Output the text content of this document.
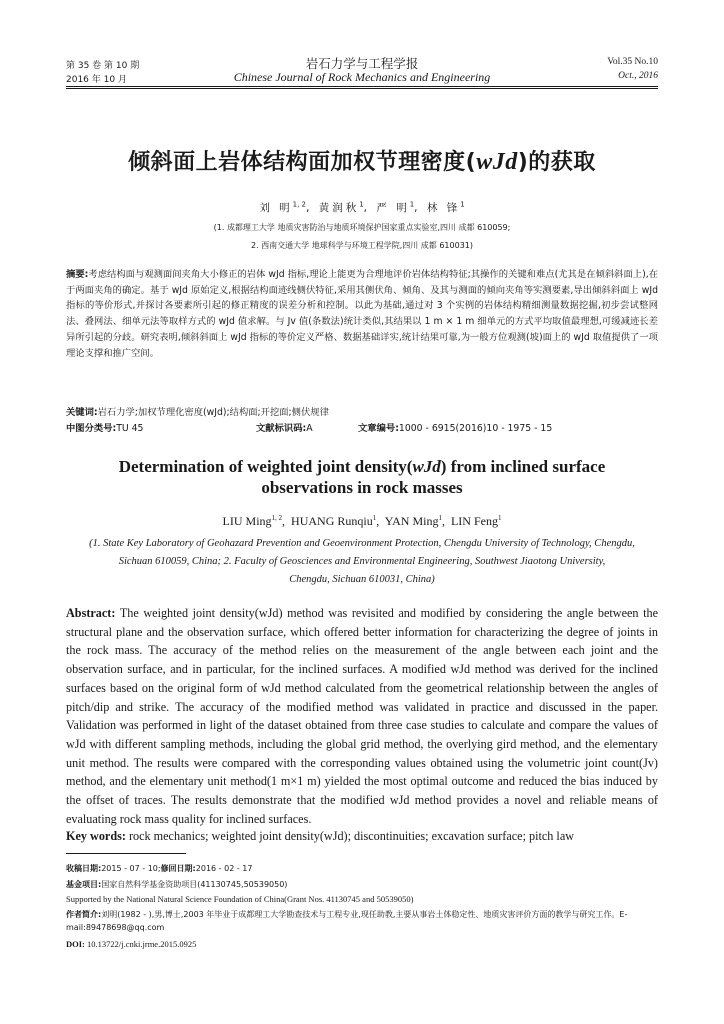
第 35 卷 第 10 期
2016 年 10 月
岩石力学与工程学报
Chinese Journal of Rock Mechanics and Engineering
Vol.35 No.10
Oct., 2016
倾斜面上岩体结构面加权节理密度(wJd)的获取
刘 明$^{1, 2}$, 黄润秋$^1$, 严 明$^1$, 林 锋$^1$
(1. 成都理工大学 地质灾害防治与地质环境保护国家重点实验室,四川 成都 610059;
2. 西南交通大学 地球科学与环境工程学院,四川 成都 610031)
摘要:考虑结构面与观测面间夹角大小修正的岩体 wJd 指标,理论上能更为合理地评价岩体结构特征;其操作的关键和难点(尤其是在倾斜斜面上),在于两面夹角的确定。基于 wJd 原始定义,根据结构面迹线侧伏特征,采用其侧伏角、倾角、及其与测面的倾向夹角等实测要素,导出倾斜斜面上 wJd 指标的等价形式,并探讨各要素所引起的修正精度的误差分析和控制。以此为基础,通过对 3 个实例的岩体结构精细测量数据挖掘,初步尝试整网法、叠网法、细单元法等取样方式的 wJd 值求解。与 Jv 值(条数法)统计类似,其结果以 1 m × 1 m 细单元的方式平均取值最理想,可缓减迹长差异所引起的分歧。研究表明,倾斜斜面上 wJd 指标的等价定义严格、数据基础详实,统计结果可靠,为一般方位观测(坡)面上的 wJd 取值提供了一项理论支撑和推广空间。
关键词:岩石力学;加权节理化密度(wJd);结构面;开挖面;侧伏规律
中图分类号:TU 45	文献标识码:A	文章编号:1000 - 6915(2016)10 - 1975 - 15
Determination of weighted joint density(wJd) from inclined surface
observations in rock masses
LIU Ming$^{1, 2}$,  HUANG Runqiu$^1$,  YAN Ming$^1$,  LIN Feng$^1$
(1. State Key Laboratory of Geohazard Prevention and Geoenvironment Protection, Chengdu University of Technology, Chengdu,
Sichuan 610059, China; 2. Faculty of Geosciences and Environmental Engineering, Southwest Jiaotong University,
Chengdu, Sichuan 610031, China)
Abstract: The weighted joint density(wJd) method was revisited and modified by considering the angle between the structural plane and the observation surface, which offered better information for characterizing the degree of joints in the rock mass. The accuracy of the method relies on the measurement of the angle between each joint and the observation surface, and in particular, for the inclined surfaces. A modified wJd method was derived for the inclined surfaces based on the original form of wJd method calculated from the geometrical relationship between the angles of pitch/dip and strike. The accuracy of the modified method was validated in practice and discussed in the paper. Validation was performed in light of the dataset obtained from three case studies to calculate and compare the values of wJd with different sampling methods, including the global grid method, the overlying gird method, and the elementary unit method. The results were compared with the corresponding values obtained using the volumetric joint count(Jv) method, and the elementary unit method(1 m×1 m) yielded the most optimal outcome and reduced the bias induced by the offset of traces. The results demonstrate that the modified wJd method provides a novel and reliable means of evaluating rock mass quality for inclined surfaces.
Key words: rock mechanics; weighted joint density(wJd); discontinuities; excavation surface; pitch law
收稿日期:2015 - 07 - 10;修回日期:2016 - 02 - 17
基金项目:国家自然科学基金资助项目(41130745,50539050)
Supported by the National Natural Science Foundation of China(Grant Nos. 41130745 and 50539050)
作者简介:刘明(1982 - ),男,博士,2003 年毕业于成都理工大学勘查技术与工程专业,现任助教,主要从事岩土体稳定性、地质灾害评价方面的教学与研究工作。E-mail:89478698@qq.com
DOI: 10.13722/j.cnki.jrme.2015.0925
